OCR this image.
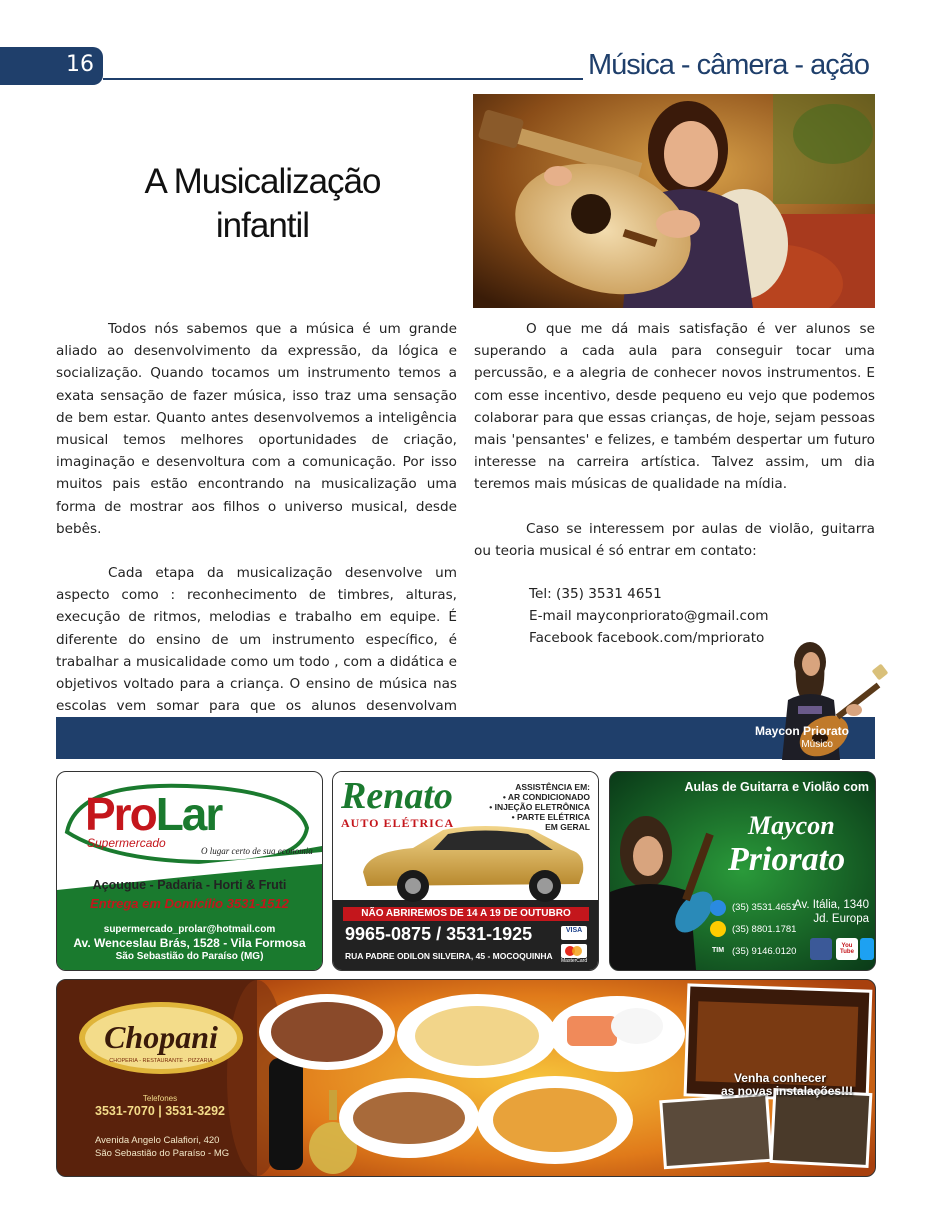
16	Música - câmera - ação
A Musicalização
infantil

Todos nós sabemos que a música é um grande aliado ao desenvolvimento da expressão, da lógica e socialização. Quando tocamos um instrumento temos a exata sensação de fazer música, isso traz uma sensação de bem estar. Quanto antes desenvolvemos a inteligência musical temos melhores oportunidades de criação, imaginação e desenvoltura com a comunicação. Por isso muitos pais estão encontrando na musicalização uma forma de mostrar aos filhos o universo musical, desde bebês.

Cada etapa da musicalização desenvolve um aspecto como : reconhecimento de timbres, alturas, execução de ritmos, melodias e trabalho em equipe. É diferente do ensino de um instrumento específico, é trabalhar a musicalidade como um todo , com a didática e objetivos voltado para a criança. O ensino de música nas escolas vem somar para que os alunos desenvolvam

O que me dá mais satisfação é ver alunos se superando a cada aula para conseguir tocar uma percussão, e a alegria de conhecer novos instrumentos. E com esse incentivo, desde pequeno eu vejo que podemos colaborar para que essas crianças, de hoje, sejam pessoas mais 'pensantes' e felizes, e também despertar um futuro interesse na carreira artística. Talvez assim, um dia teremos mais músicas de qualidade na mídia.

Caso se interessem por aulas de violão, guitarra ou teoria musical é só entrar em contato:

Tel: (35) 3531 4651
E-mail mayconpriorato@gmail.com
Facebook facebook.com/mpriorato
Maycon Priorato
Músico
ProLar
Supermercado
O lugar certo de sua economia
Açougue - Padaria - Horti & Fruti
Entrega em Domicílio 3531-1512
supermercado_prolar@hotmail.com
Av. Wenceslau Brás, 1528 - Vila Formosa
São Sebastião do Paraíso (MG)
Renato
AUTO ELÉTRICA
ASSISTÊNCIA EM:
• AR CONDICIONADO
• INJEÇÃO ELETRÔNICA
• PARTE ELÉTRICA
EM GERAL
NÃO ABRIREMOS DE 14 A 19 DE OUTUBRO
9965-0875 / 3531-1925	VISA
MasterCard
RUA PADRE ODILON SILVEIRA, 45 - MOCOQUINHA
Aulas de Guitarra e Violão com
Maycon
Priorato
(35) 3531.4651
(35) 8801.1781
TIM (35) 9146.0120
Av. Itália, 1340
Jd. Europa
You Tube
Chopani
CHOPERIA - RESTAURANTE - PIZZARIA
Telefones
3531-7070 | 3531-3292
Avenida Angelo Calafiori, 420
São Sebastião do Paraíso - MG
Venha conhecer
as novas instalações!!!
